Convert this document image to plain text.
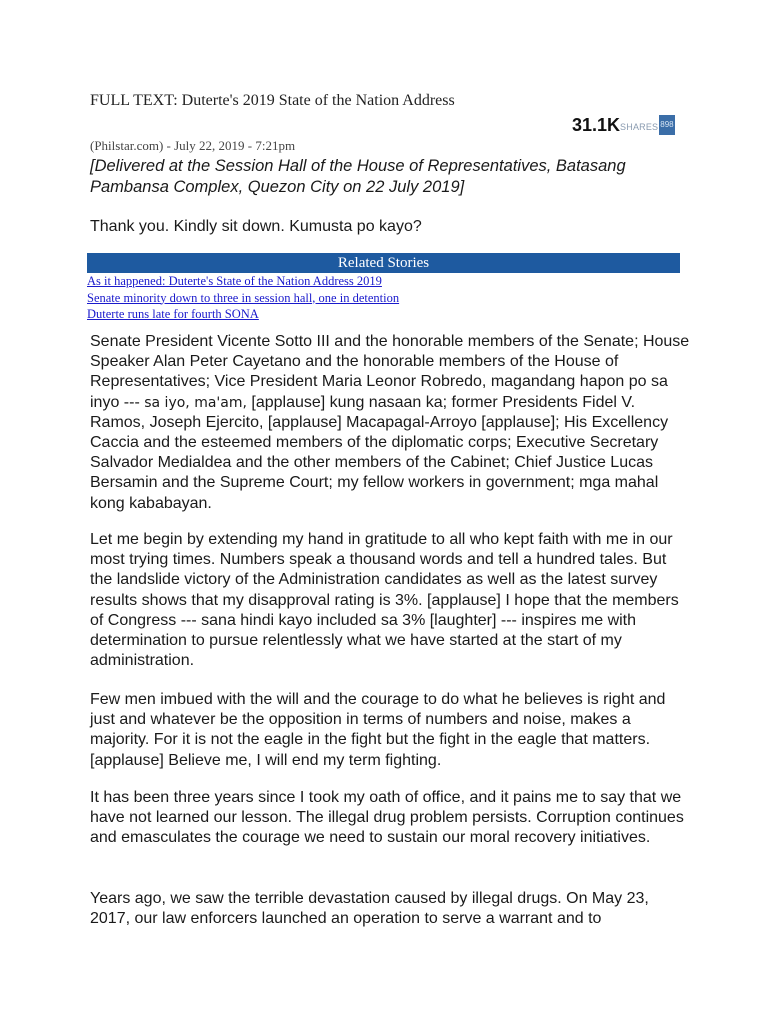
FULL TEXT: Duterte's 2019 State of the Nation Address
31.1K SHARES 898
(Philstar.com) - July 22, 2019 - 7:21pm
[Delivered at the Session Hall of the House of Representatives, Batasang Pambansa Complex, Quezon City on 22 July 2019]

Thank you. Kindly sit down. Kumusta po kayo?

Related Stories
As it happened: Duterte's State of the Nation Address 2019
Senate minority down to three in session hall, one in detention
Duterte runs late for fourth SONA

Senate President Vicente Sotto III and the honorable members of the Senate; House Speaker Alan Peter Cayetano and the honorable members of the House of Representatives; Vice President Maria Leonor Robredo, magandang hapon po sa inyo --- sa iyo, ma'am, [applause] kung nasaan ka; former Presidents Fidel V. Ramos, Joseph Ejercito, [applause] Macapagal-Arroyo [applause]; His Excellency Caccia and the esteemed members of the diplomatic corps; Executive Secretary Salvador Medialdea and the other members of the Cabinet; Chief Justice Lucas Bersamin and the Supreme Court; my fellow workers in government; mga mahal kong kababayan.

Let me begin by extending my hand in gratitude to all who kept faith with me in our most trying times. Numbers speak a thousand words and tell a hundred tales. But the landslide victory of the Administration candidates as well as the latest survey results shows that my disapproval rating is 3%. [applause] I hope that the members of Congress --- sana hindi kayo included sa 3% [laughter] --- inspires me with determination to pursue relentlessly what we have started at the start of my administration.

Few men imbued with the will and the courage to do what he believes is right and just and whatever be the opposition in terms of numbers and noise, makes a majority. For it is not the eagle in the fight but the fight in the eagle that matters. [applause] Believe me, I will end my term fighting.

It has been three years since I took my oath of office, and it pains me to say that we have not learned our lesson. The illegal drug problem persists. Corruption continues and emasculates the courage we need to sustain our moral recovery initiatives.

Years ago, we saw the terrible devastation caused by illegal drugs. On May 23, 2017, our law enforcers launched an operation to serve a warrant and to
